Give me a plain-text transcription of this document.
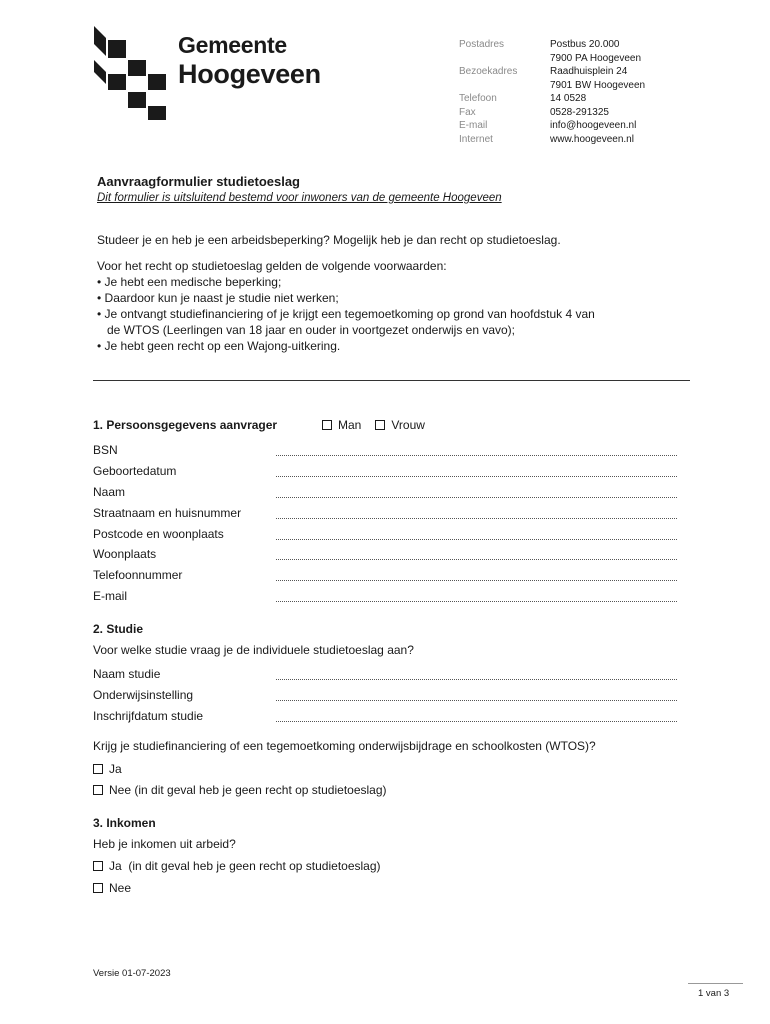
Gemeente
Hoogeveen
Postadres	Postbus 20.000
7900 PA Hoogeveen
Bezoekadres	Raadhuisplein 24
7901 BW Hoogeveen
Telefoon	14 0528
Fax	0528-291325
E-mail	info@hoogeveen.nl
Internet	www.hoogeveen.nl
Aanvraagformulier studietoeslag
Dit formulier is uitsluitend bestemd voor inwoners van de gemeente Hoogeveen
Studeer je en heb je een arbeidsbeperking? Mogelijk heb je dan recht op studietoeslag.
Voor het recht op studietoeslag gelden de volgende voorwaarden:
• Je hebt een medische beperking;
• Daardoor kun je naast je studie niet werken;
• Je ontvangt studiefinanciering of je krijgt een tegemoetkoming op grond van hoofdstuk 4 van
de WTOS (Leerlingen van 18 jaar en ouder in voortgezet onderwijs en vavo);
• Je hebt geen recht op een Wajong-uitkering.
1. Persoonsgegevens aanvrager	Man	Vrouw
BSN
Geboortedatum
Naam
Straatnaam en huisnummer
Postcode en woonplaats
Woonplaats
Telefoonnummer
E-mail
2. Studie
Voor welke studie vraag je de individuele studietoeslag aan?
Naam studie
Onderwijsinstelling
Inschrijfdatum studie
Krijg je studiefinanciering of een tegemoetkoming onderwijsbijdrage en schoolkosten (WTOS)?
Ja
Nee (in dit geval heb je geen recht op studietoeslag)
3. Inkomen
Heb je inkomen uit arbeid?
Ja  (in dit geval heb je geen recht op studietoeslag)
Nee
Versie 01-07-2023
1 van 3
